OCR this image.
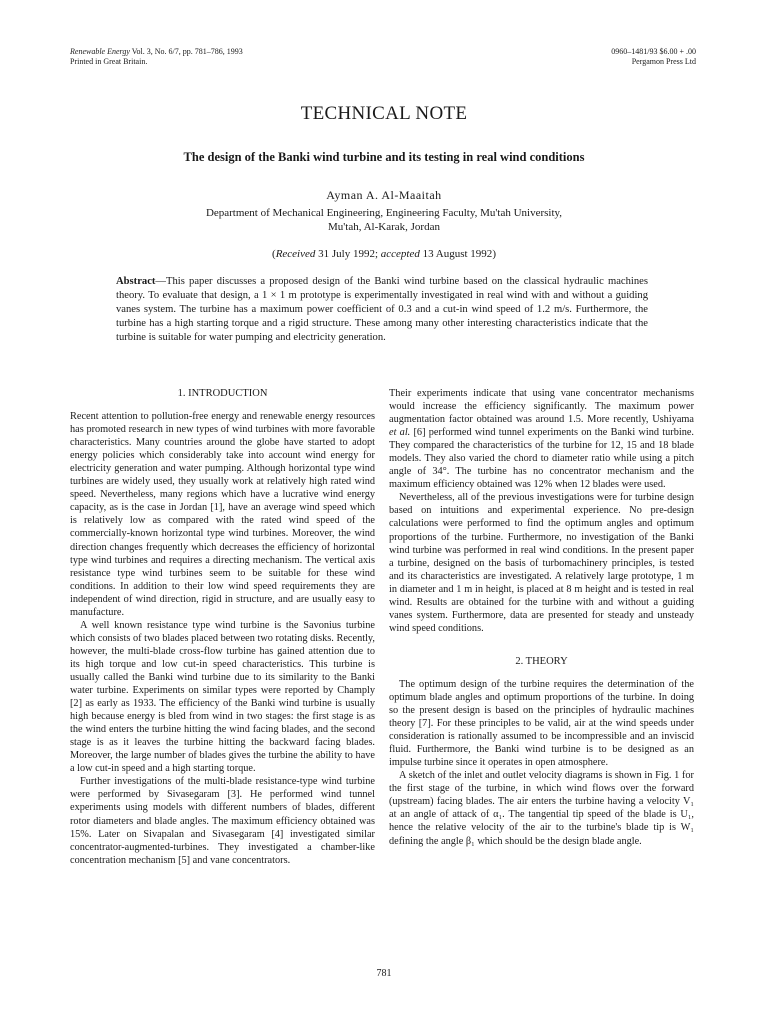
Renewable Energy Vol. 3, No. 6/7, pp. 781–786, 1993
Printed in Great Britain.
0960–1481/93 $6.00 + .00
Pergamon Press Ltd
TECHNICAL NOTE
The design of the Banki wind turbine and its testing in real wind conditions
Ayman A. Al-Maaitah
Department of Mechanical Engineering, Engineering Faculty, Mu'tah University,
Mu'tah, Al-Karak, Jordan
(Received 31 July 1992; accepted 13 August 1992)
Abstract—This paper discusses a proposed design of the Banki wind turbine based on the classical hydraulic machines theory. To evaluate that design, a 1 × 1 m prototype is experimentally investigated in real wind with and without a guiding vanes system. The turbine has a maximum power coefficient of 0.3 and a cut-in wind speed of 1.2 m/s. Furthermore, the turbine has a high starting torque and a rigid structure. These among many other interesting characteristics indicate that the turbine is suitable for water pumping and electricity generation.
1. INTRODUCTION

Recent attention to pollution-free energy and renewable energy resources has promoted research in new types of wind turbines with more favorable characteristics. Many countries around the globe have started to adopt energy policies which considerably take into account wind energy for electricity generation and water pumping. Although horizontal type wind turbines are widely used, they usually work at relatively high rated wind speed. Nevertheless, many regions which have a lucrative wind energy capacity, as is the case in Jordan [1], have an average wind speed which is relatively low as compared with the rated wind speed of the commercially-known horizontal type wind turbines. Moreover, the wind direction changes frequently which decreases the efficiency of horizontal type wind turbines and requires a directing mechanism. The vertical axis resistance type wind turbines seem to be suitable for these wind conditions. In addition to their low wind speed requirements they are independent of wind direction, rigid in structure, and are usually easy to manufacture.

A well known resistance type wind turbine is the Savonius turbine which consists of two blades placed between two rotating disks. Recently, however, the multi-blade cross-flow turbine has gained attention due to its high torque and low cut-in speed characteristics. This turbine is usually called the Banki wind turbine due to its similarity to the Banki water turbine. Experiments on similar types were reported by Champly [2] as early as 1933. The efficiency of the Banki wind turbine is usually high because energy is bled from wind in two stages: the first stage is as the wind enters the turbine hitting the wind facing blades, and the second stage is as it leaves the turbine hitting the backward facing blades. Moreover, the large number of blades gives the turbine the ability to have a low cut-in speed and a high starting torque.

Further investigations of the multi-blade resistance-type wind turbine were performed by Sivasegaram [3]. He performed wind tunnel experiments using models with different numbers of blades, different rotor diameters and blade angles. The maximum efficiency obtained was 15%. Later on Sivapalan and Sivasegaram [4] investigated similar concentrator-augmented-turbines. They investigated a chamber-like concentration mechanism [5] and vane concentrators.

Their experiments indicate that using vane concentrator mechanisms would increase the efficiency significantly. The maximum power augmentation factor obtained was around 1.5. More recently, Ushiyama et al. [6] performed wind tunnel experiments on the Banki wind turbine. They compared the characteristics of the turbine for 12, 15 and 18 blade models. They also varied the chord to diameter ratio while using a pitch angle of 34°. The turbine has no concentrator mechanism and the maximum efficiency obtained was 12% when 12 blades were used.

Nevertheless, all of the previous investigations were for turbine design based on intuitions and experimental experience. No pre-design calculations were performed to find the optimum angles and optimum proportions of the turbine. Furthermore, no investigation of the Banki wind turbine was performed in real wind conditions. In the present paper a turbine, designed on the basis of turbomachinery principles, is tested and its characteristics are investigated. A relatively large prototype, 1 m in diameter and 1 m in height, is placed at 8 m height and is tested in real wind. Results are obtained for the turbine with and without a guiding vanes system. Furthermore, data are presented for steady and unsteady wind speed conditions.

2. THEORY

The optimum design of the turbine requires the determination of the optimum blade angles and optimum proportions of the turbine. In doing so the present design is based on the principles of hydraulic machines theory [7]. For these principles to be valid, air at the wind speeds under consideration is rationally assumed to be incompressible and an inviscid fluid. Furthermore, the Banki wind turbine is to be designed as an impulse turbine since it operates in open atmosphere.

A sketch of the inlet and outlet velocity diagrams is shown in Fig. 1 for the first stage of the turbine, in which wind flows over the forward (upstream) facing blades. The air enters the turbine having a velocity V₁ at an angle of attack of α₁. The tangential tip speed of the blade is U₁, hence the relative velocity of the air to the turbine's blade tip is W₁ defining the angle β₁ which should be the design blade angle.

781
